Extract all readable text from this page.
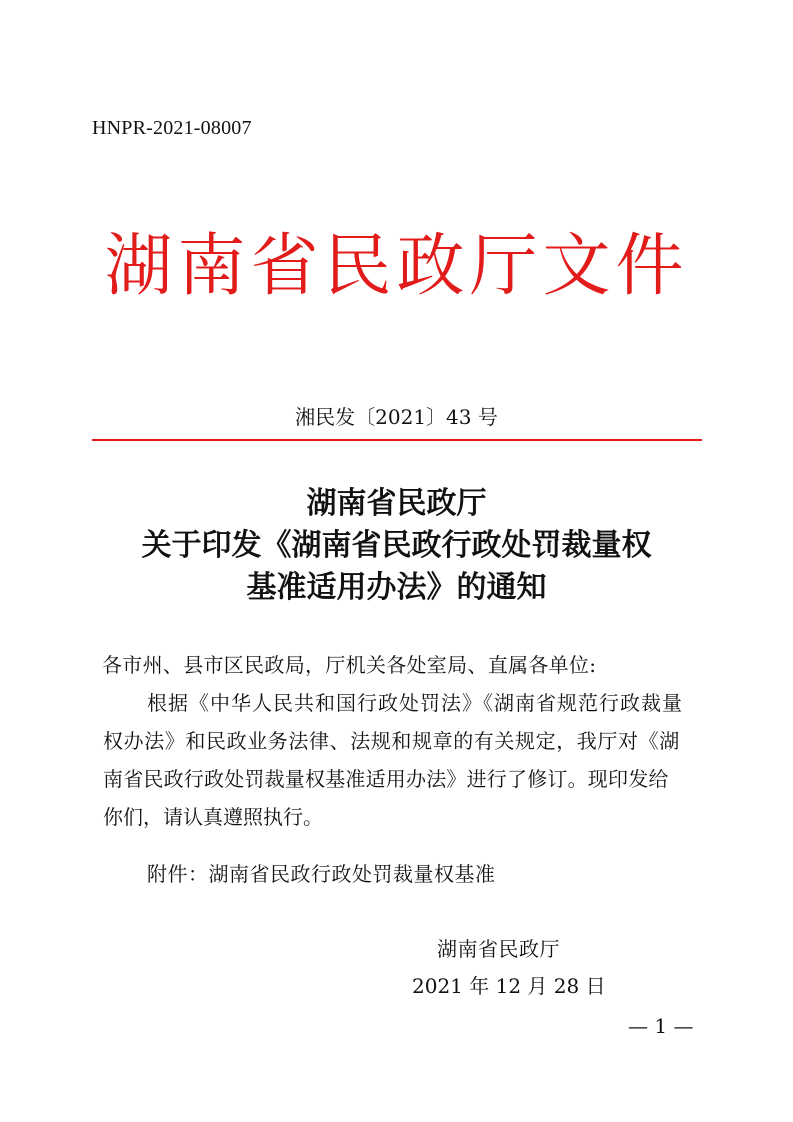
HNPR-2021-08007
湖南省民政厅文件
湘民发〔2021〕43 号
湖南省民政厅
关于印发《湖南省民政行政处罚裁量权
基准适用办法》的通知
各市州、县市区民政局，厅机关各处室局、直属各单位:
根据《中华人民共和国行政处罚法》《湖南省规范行政裁量
权办法》和民政业务法律、法规和规章的有关规定，我厅对《湖
南省民政行政处罚裁量权基准适用办法》进行了修订。现印发给
你们，请认真遵照执行。
附件：湖南省民政行政处罚裁量权基准
湖南省民政厅
2021 年 12 月 28 日
— 1 —
